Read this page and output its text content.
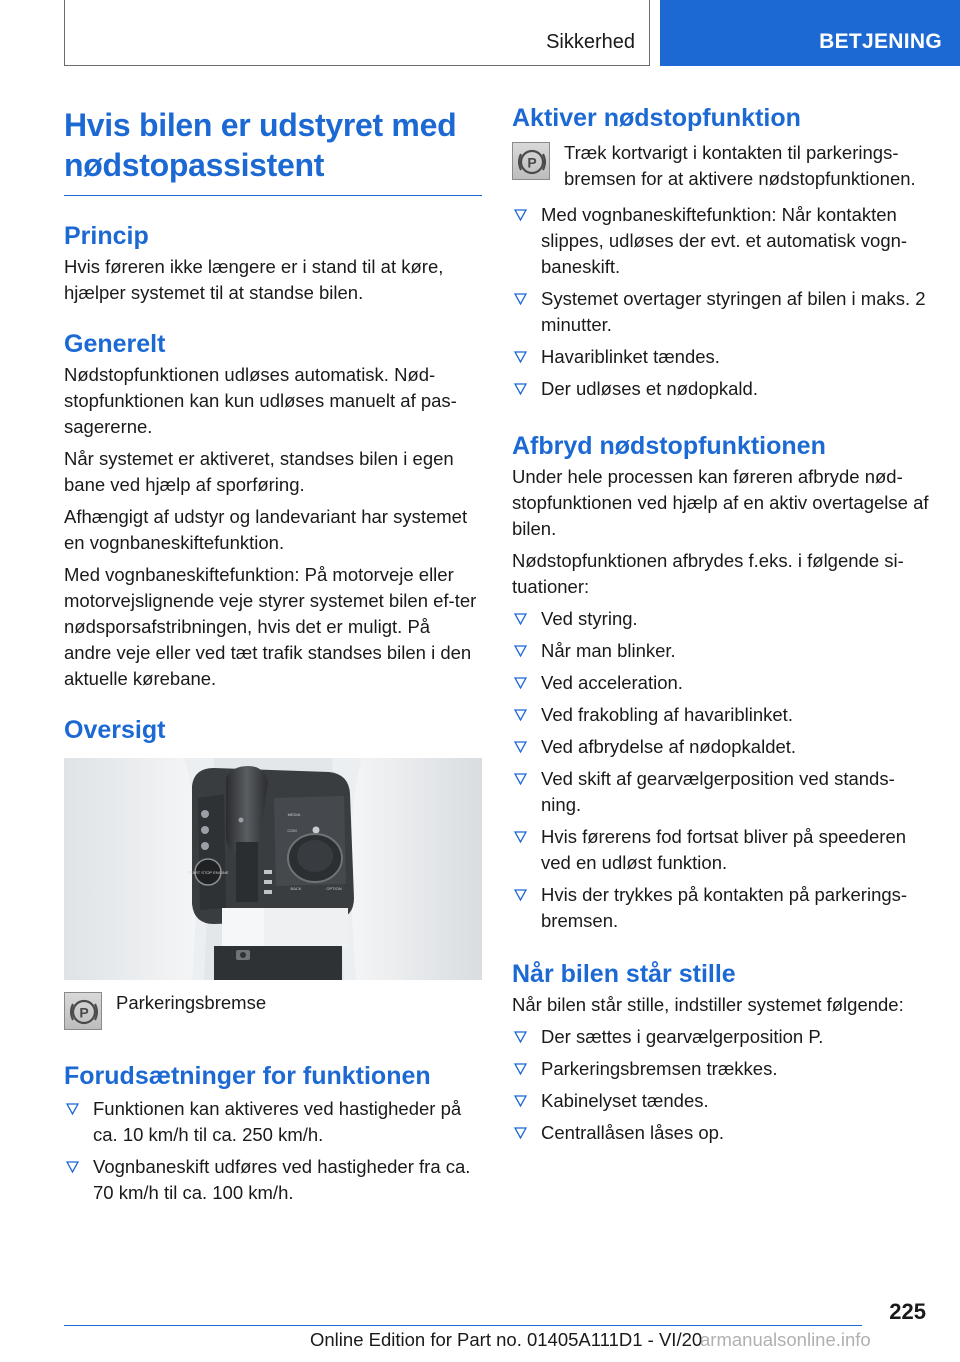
Sikkerhed	BETJENING
Hvis bilen er udstyret med nødstopassistent
Princip

Hvis føreren ikke længere er i stand til at køre, hjælper systemet til at standse bilen.

Generelt

Nødstopfunktionen udløses automatisk. Nød-stopfunktionen kan kun udløses manuelt af pas-sagererne.

Når systemet er aktiveret, standses bilen i egen bane ved hjælp af sporføring.

Afhængigt af udstyr og landevariant har systemet en vognbaneskiftefunktion.

Med vognbaneskiftefunktion: På motorveje eller motorvejslignende veje styrer systemet bilen ef-ter nødsporsafstribningen, hvis det er muligt. På andre veje eller ved tæt trafik standses bilen i den aktuelle kørebane.

Oversigt
START STOP ENGINE
MEDIA
COM
BACK	OPTION
P Parkeringsbremse
Forudsætninger for funktionen
Funktionen kan aktiveres ved hastigheder på ca. 10 km/h til ca. 250 km/h.
Vognbaneskift udføres ved hastigheder fra ca. 70 km/h til ca. 100 km/h.
Aktiver nødstopfunktion
P Træk kortvarigt i kontakten til parkerings-bremsen for at aktivere nødstopfunktionen.
Med vognbaneskiftefunktion: Når kontakten slippes, udløses der evt. et automatisk vogn-baneskift.
Systemet overtager styringen af bilen i maks. 2 minutter.
Havariblinket tændes.
Der udløses et nødopkald.
Afbryd nødstopfunktionen

Under hele processen kan føreren afbryde nød-stopfunktionen ved hjælp af en aktiv overtagelse af bilen.

Nødstopfunktionen afbrydes f.eks. i følgende si-tuationer:

Ved styring.
Når man blinker.
Ved acceleration.
Ved frakobling af havariblinket.
Ved afbrydelse af nødopkaldet.
Ved skift af gearvælgerposition ved stands-ning.
Hvis førerens fod fortsat bliver på speederen ved en udløst funktion.
Hvis der trykkes på kontakten på parkerings-bremsen.
Når bilen står stille

Når bilen står stille, indstiller systemet følgende:

Der sættes i gearvælgerposition P.
Parkeringsbremsen trækkes.
Kabinelyset tændes.
Centrallåsen låses op.
225
Online Edition for Part no. 01405A111D1 - VI/20
armanualsonline.info
